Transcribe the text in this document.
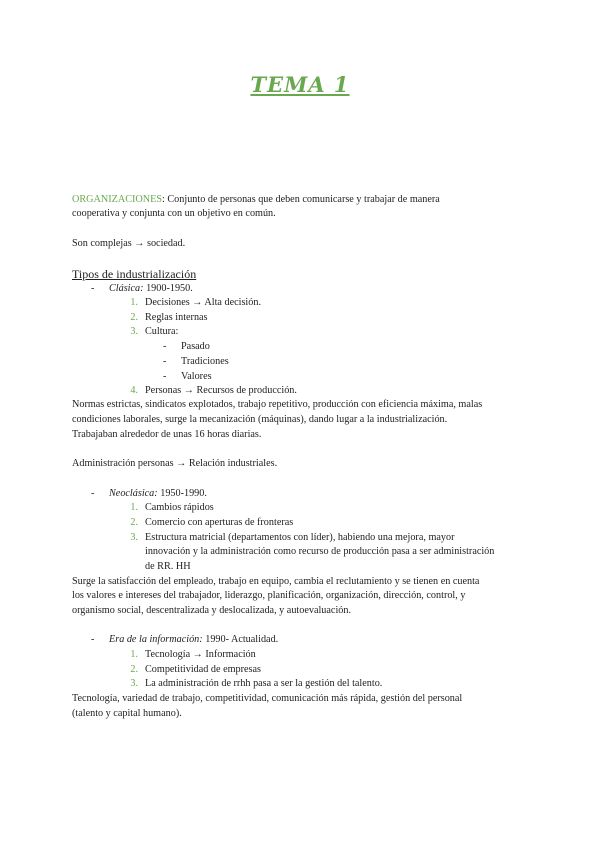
TEMA 1
ORGANIZACIONES: Conjunto de personas que deben comunicarse y trabajar de manera
cooperativa y conjunta con un objetivo en común.
Son complejas → sociedad.
Tipos de industrialización
- Clásica: 1900-1950.
1. Decisiones → Alta decisión.
2. Reglas internas
3. Cultura:
- Pasado
- Tradiciones
- Valores
4. Personas → Recursos de producción.
Normas estrictas, sindicatos explotados, trabajo repetitivo, producción con eficiencia máxima, malas
condiciones laborales, surge la mecanización (máquinas), dando lugar a la industrialización.
Trabajaban alrededor de unas 16 horas diarias.
Administración personas → Relación industriales.
- Neoclásica: 1950-1990.
1. Cambios rápidos
2. Comercio con aperturas de fronteras
3. Estructura matricial (departamentos con líder), habiendo una mejora, mayor
innovación y la administración como recurso de producción pasa a ser administración
de RR. HH
Surge la satisfacción del empleado, trabajo en equipo, cambia el reclutamiento y se tienen en cuenta
los valores e intereses del trabajador, liderazgo, planificación, organización, dirección, control, y
organismo social, descentralizada y deslocalizada, y autoevaluación.
- Era de la información: 1990- Actualidad.
1. Tecnología → Información
2. Competitividad de empresas
3. La administración de rrhh pasa a ser la gestión del talento.
Tecnología, variedad de trabajo, competitividad, comunicación más rápida, gestión del personal
(talento y capital humano).
